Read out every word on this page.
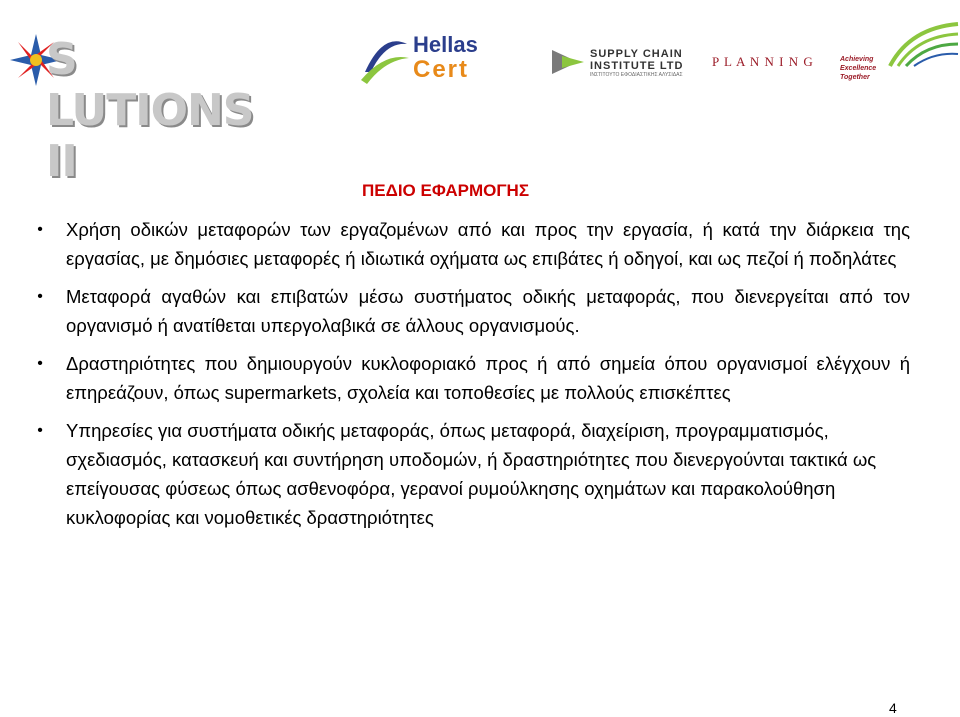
S LUTIONS II
Hellas
Cert
SUPPLY CHAIN
INSTITUTE LTD
ΙΝΣΤΙΤΟΥΤΟ ΕΦΟΔΙΑΣΤΙΚΗΣ ΑΛΥΣΙΔΑΣ
P L A N N I N G	Achieving
Excellence
Together
ΠΕΔΙΟ ΕΦΑΡΜΟΓΗΣ
•	Χρήση οδικών μεταφορών των εργαζομένων από και προς την εργασία, ή κατά την διάρκεια της εργασίας, με δημόσιες μεταφορές ή ιδιωτικά οχήματα ως επιβάτες ή οδηγοί, και ως πεζοί ή ποδηλάτες
•	Μεταφορά αγαθών και επιβατών μέσω συστήματος οδικής μεταφοράς, που διενεργείται από τον οργανισμό ή ανατίθεται υπεργολαβικά σε άλλους οργανισμούς.
•	Δραστηριότητες που δημιουργούν κυκλοφοριακό προς ή από σημεία όπου οργανισμοί ελέγχουν ή επηρεάζουν, όπως supermarkets, σχολεία και τοποθεσίες με πολλούς επισκέπτες
•	Υπηρεσίες για συστήματα οδικής μεταφοράς, όπως μεταφορά, διαχείριση, προγραμματισμός, σχεδιασμός, κατασκευή και συντήρηση υποδομών, ή δραστηριότητες που διενεργούνται τακτικά ως επείγουσας φύσεως όπως ασθενοφόρα, γερανοί ρυμούλκησης οχημάτων και παρακολούθηση κυκλοφορίας και νομοθετικές δραστηριότητες
4
